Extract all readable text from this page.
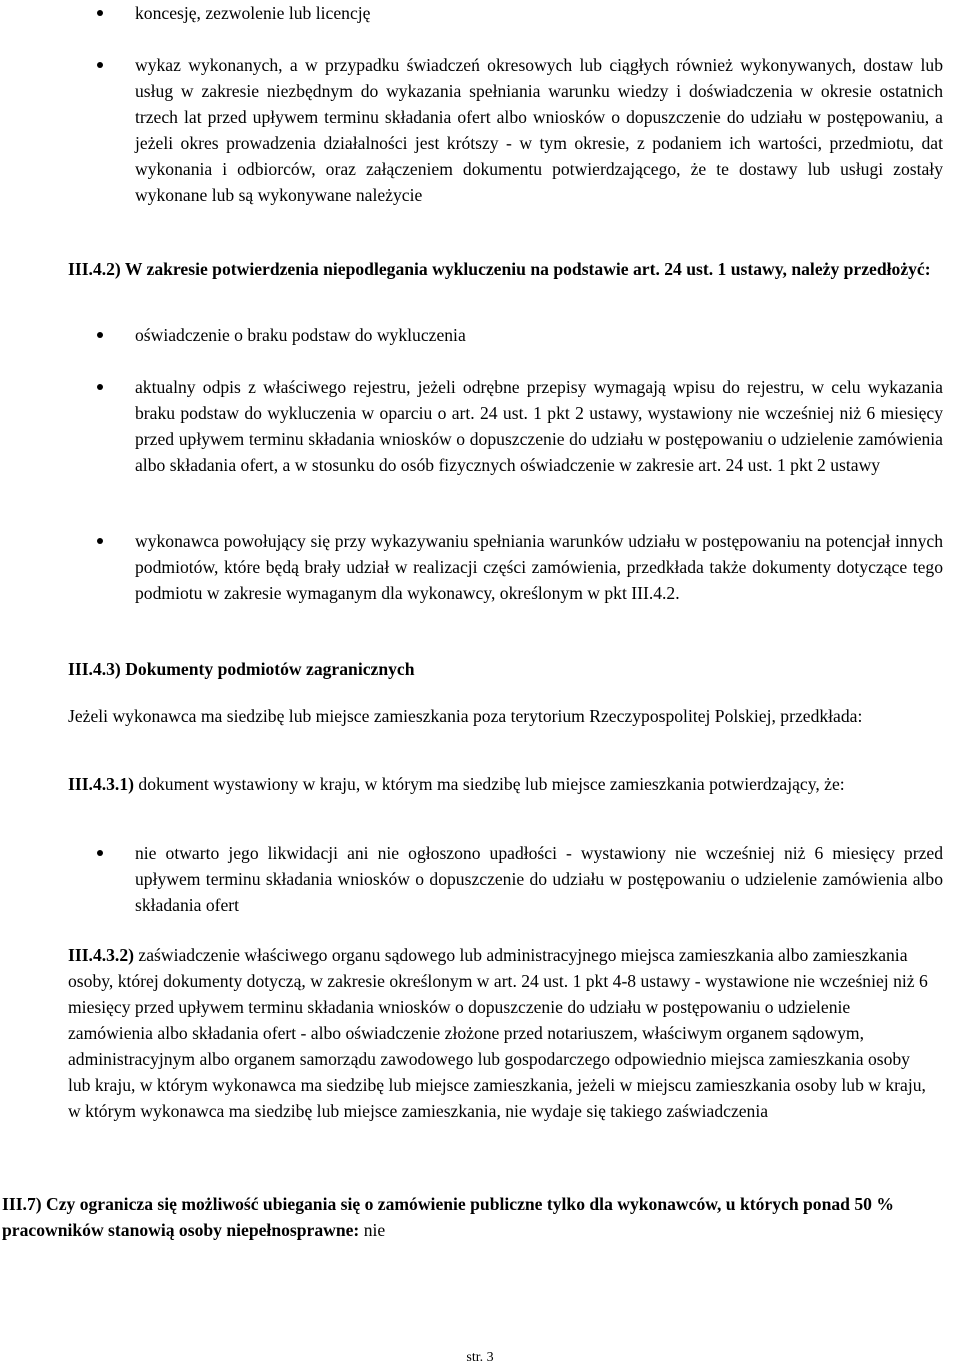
koncesję, zezwolenie lub licencję
wykaz wykonanych, a w przypadku świadczeń okresowych lub ciągłych również wykonywanych, dostaw lub usług w zakresie niezbędnym do wykazania spełniania warunku wiedzy i doświadczenia w okresie ostatnich trzech lat przed upływem terminu składania ofert albo wniosków o dopuszczenie do udziału w postępowaniu, a jeżeli okres prowadzenia działalności jest krótszy - w tym okresie, z podaniem ich wartości, przedmiotu, dat wykonania i odbiorców, oraz załączeniem dokumentu potwierdzającego, że te dostawy lub usługi zostały wykonane lub są wykonywane należycie

III.4.2) W zakresie potwierdzenia niepodlegania wykluczeniu na podstawie art. 24 ust. 1 ustawy, należy przedłożyć:

oświadczenie o braku podstaw do wykluczenia
aktualny odpis z właściwego rejestru, jeżeli odrębne przepisy wymagają wpisu do rejestru, w celu wykazania braku podstaw do wykluczenia w oparciu o art. 24 ust. 1 pkt 2 ustawy, wystawiony nie wcześniej niż 6 miesięcy przed upływem terminu składania wniosków o dopuszczenie do udziału w postępowaniu o udzielenie zamówienia albo składania ofert, a w stosunku do osób fizycznych oświadczenie w zakresie art. 24 ust. 1 pkt 2 ustawy
wykonawca powołujący się przy wykazywaniu spełniania warunków udziału w postępowaniu na potencjał innych podmiotów, które będą brały udział w realizacji części zamówienia, przedkłada także dokumenty dotyczące tego podmiotu w zakresie wymaganym dla wykonawcy, określonym w pkt III.4.2.

III.4.3) Dokumenty podmiotów zagranicznych

Jeżeli wykonawca ma siedzibę lub miejsce zamieszkania poza terytorium Rzeczypospolitej Polskiej, przedkłada:

III.4.3.1) dokument wystawiony w kraju, w którym ma siedzibę lub miejsce zamieszkania potwierdzający, że:

nie otwarto jego likwidacji ani nie ogłoszono upadłości - wystawiony nie wcześniej niż 6 miesięcy przed upływem terminu składania wniosków o dopuszczenie do udziału w postępowaniu o udzielenie zamówienia albo składania ofert

III.4.3.2) zaświadczenie właściwego organu sądowego lub administracyjnego miejsca zamieszkania albo zamieszkania osoby, której dokumenty dotyczą, w zakresie określonym w art. 24 ust. 1 pkt 4-8 ustawy - wystawione nie wcześniej niż 6 miesięcy przed upływem terminu składania wniosków o dopuszczenie do udziału w postępowaniu o udzielenie zamówienia albo składania ofert - albo oświadczenie złożone przed notariuszem, właściwym organem sądowym, administracyjnym albo organem samorządu zawodowego lub gospodarczego odpowiednio miejsca zamieszkania osoby lub kraju, w którym wykonawca ma siedzibę lub miejsce zamieszkania, jeżeli w miejscu zamieszkania osoby lub w kraju, w którym wykonawca ma siedzibę lub miejsce zamieszkania, nie wydaje się takiego zaświadczenia

III.7) Czy ogranicza się możliwość ubiegania się o zamówienie publiczne tylko dla wykonawców, u których ponad 50 % pracowników stanowią osoby niepełnosprawne: nie

str. 3
